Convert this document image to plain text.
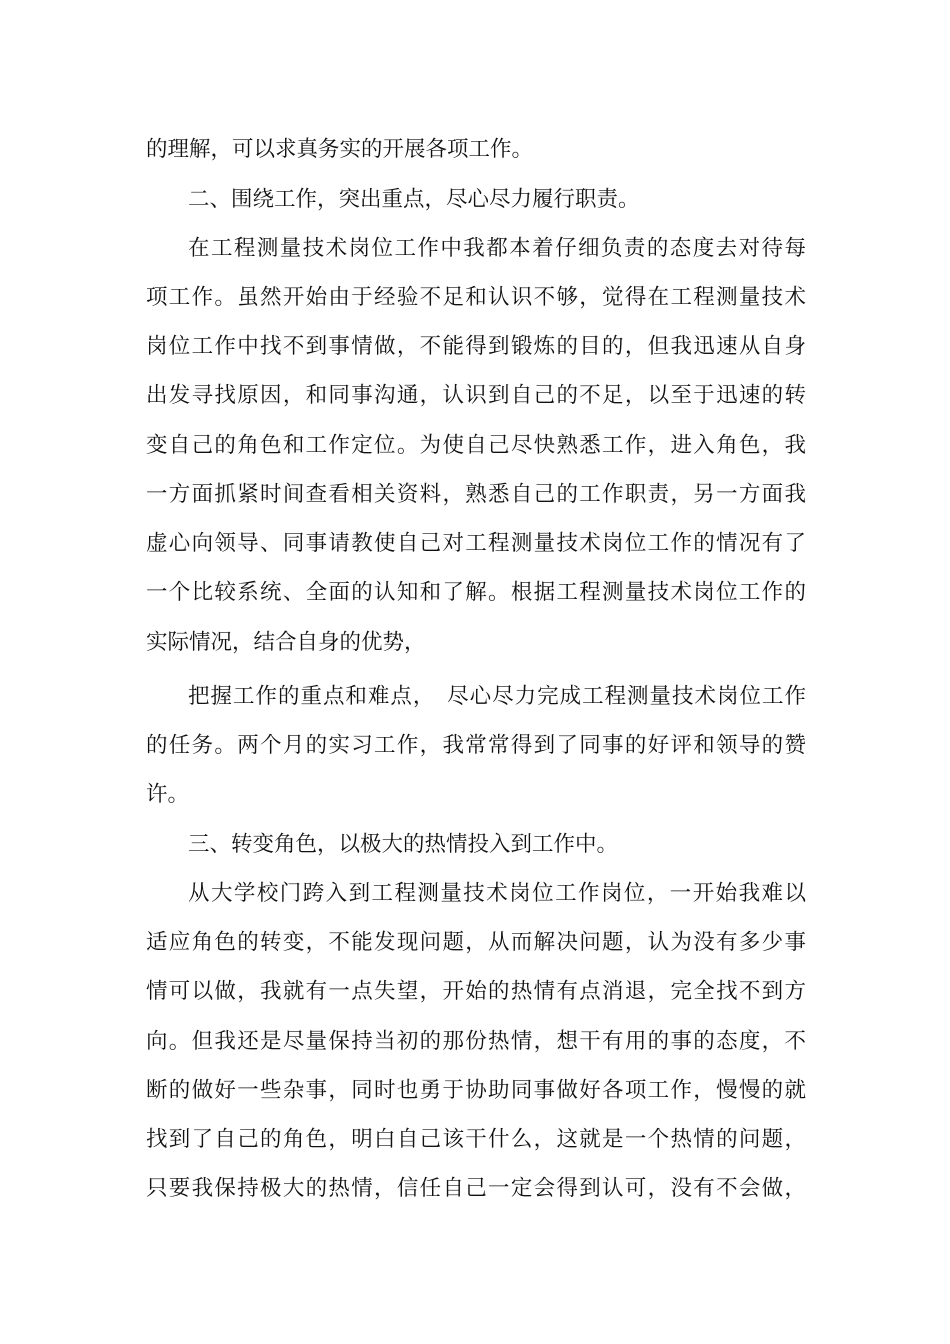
的理解，可以求真务实的开展各项工作。
二、围绕工作，突出重点，尽心尽力履行职责。
在工程测量技术岗位工作中我都本着仔细负责的态度去对待每
项工作。虽然开始由于经验不足和认识不够，觉得在工程测量技术
岗位工作中找不到事情做，不能得到锻炼的目的，但我迅速从自身
出发寻找原因，和同事沟通，认识到自己的不足，以至于迅速的转
变自己的角色和工作定位。为使自己尽快熟悉工作，进入角色，我
一方面抓紧时间查看相关资料，熟悉自己的工作职责，另一方面我
虚心向领导、同事请教使自己对工程测量技术岗位工作的情况有了
一个比较系统、全面的认知和了解。根据工程测量技术岗位工作的
实际情况，结合自身的优势，
把握工作的重点和难点，　尽心尽力完成工程测量技术岗位工作
的任务。两个月的实习工作，我常常得到了同事的好评和领导的赞
许。
三、转变角色，以极大的热情投入到工作中。
从大学校门跨入到工程测量技术岗位工作岗位，一开始我难以
适应角色的转变，不能发现问题，从而解决问题，认为没有多少事
情可以做，我就有一点失望，开始的热情有点消退，完全找不到方
向。但我还是尽量保持当初的那份热情，想干有用的事的态度，不
断的做好一些杂事，同时也勇于协助同事做好各项工作，慢慢的就
找到了自己的角色，明白自己该干什么，这就是一个热情的问题，
只要我保持极大的热情，信任自己一定会得到认可，没有不会做，
